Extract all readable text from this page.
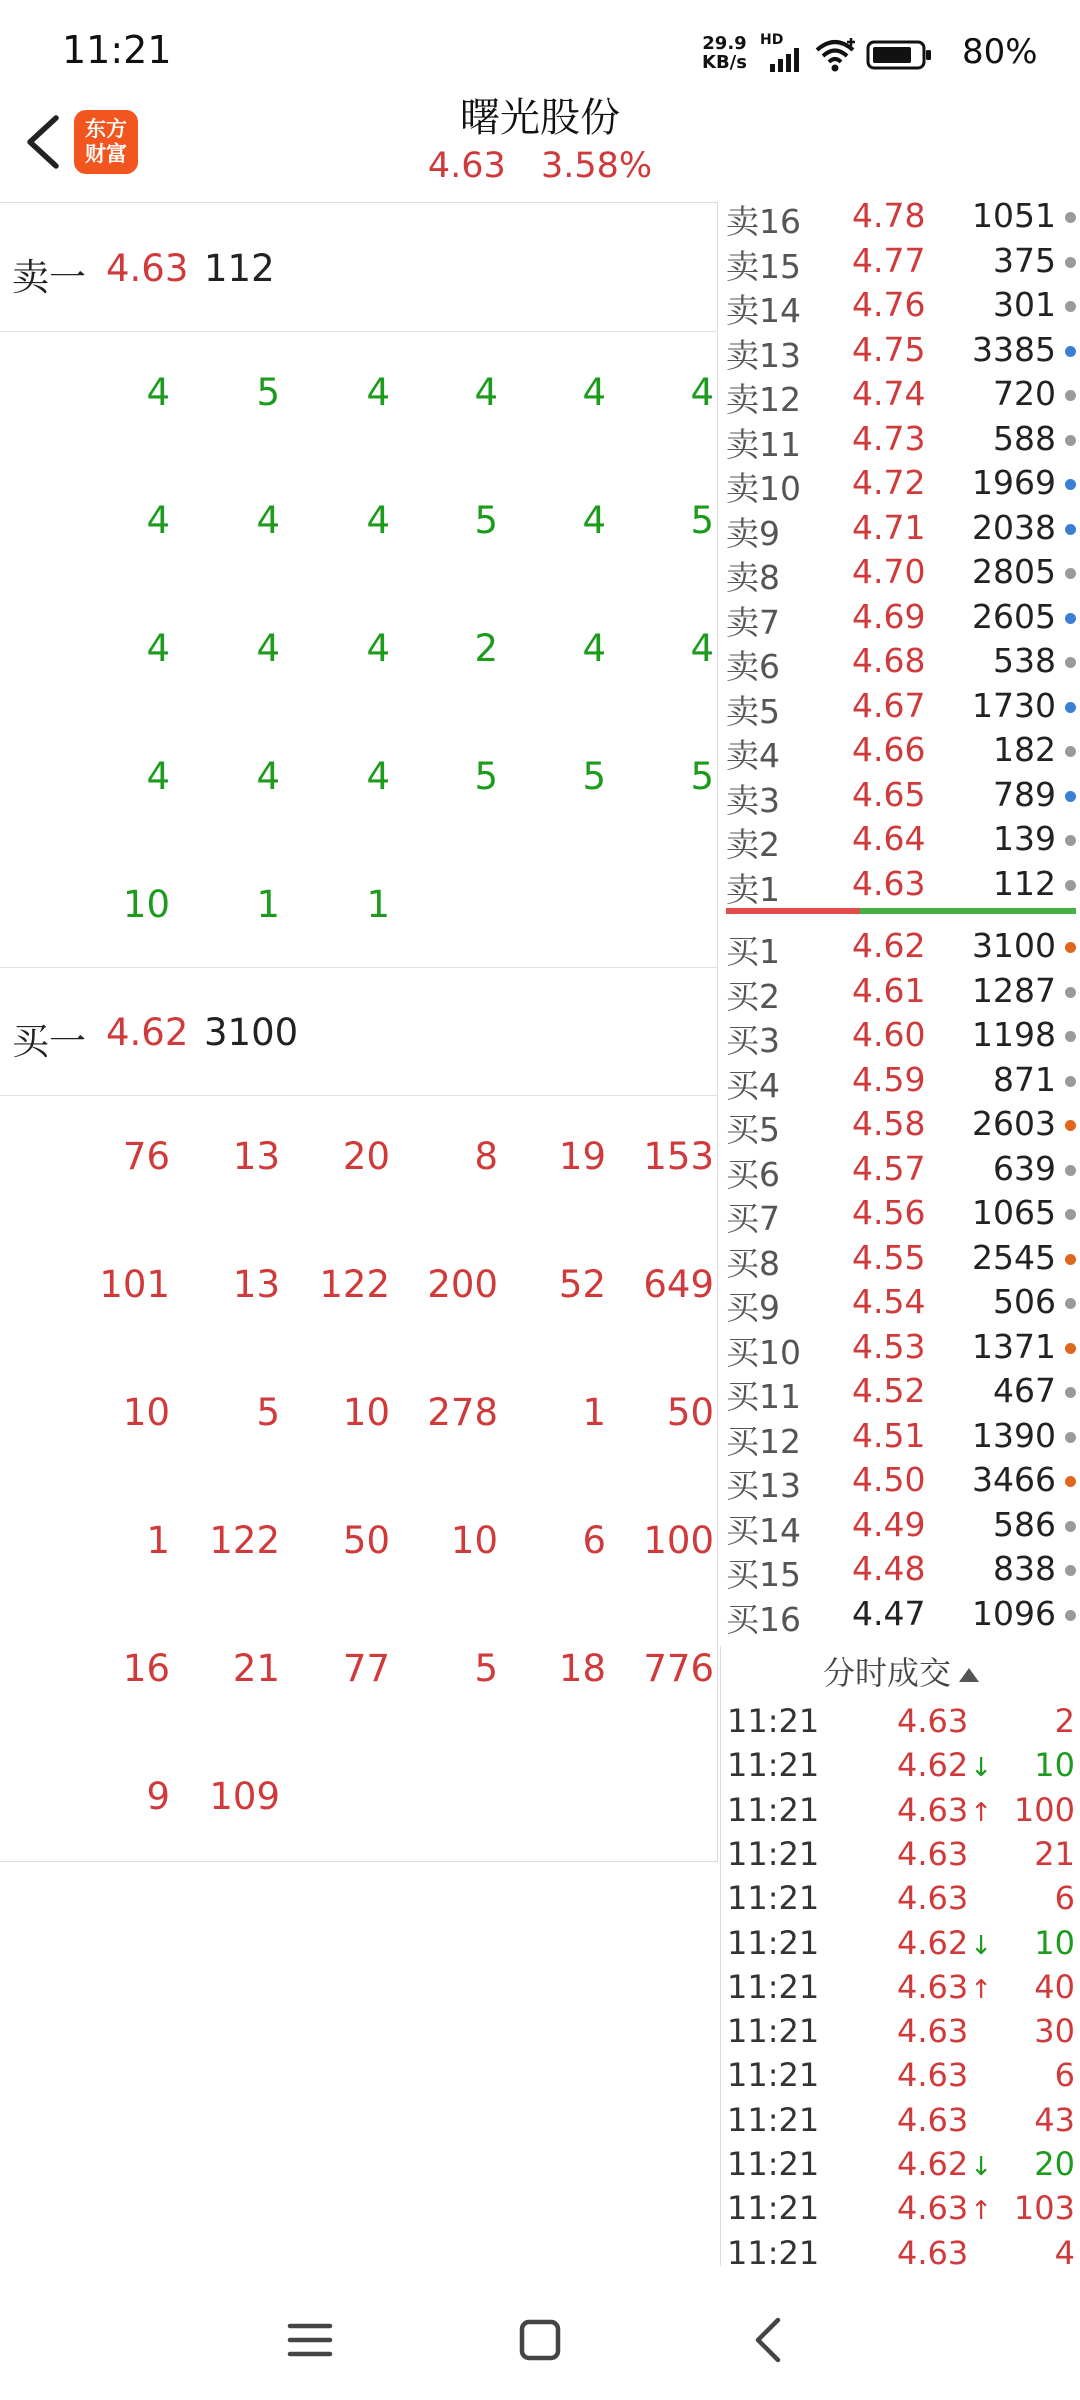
11:21	29.9
KB/s
HD	80%
东方
财富
曙光股份
4.63 3.58%
卖一 4.63 112
4	5	4	4	4	4
4	4	4	5	4	5
4	4	4	2	4	4
4	4	4	5	5	5
10	1	1
买一 4.62 3100
76	13	20	8	19	153
101	13	122	200	52	649
10	5	10	278	1	50
1	122	50	10	6	100
16	21	77	5	18	776
9	109
卖16 4.78 1051
卖15 4.77 375
卖14 4.76 301
卖13 4.75 3385
卖12 4.74 720
卖11 4.73 588
卖10 4.72 1969
卖9 4.71 2038
卖8 4.70 2805
卖7 4.69 2605
卖6 4.68 538
卖5 4.67 1730
卖4 4.66 182
卖3 4.65 789
卖2 4.64 139
卖1 4.63 112
买1 4.62 3100
买2 4.61 1287
买3 4.60 1198
买4 4.59 871
买5 4.58 2603
买6 4.57 639
买7 4.56 1065
买8 4.55 2545
买9 4.54 506
买10 4.53 1371
买11 4.52 467
买12 4.51 1390
买13 4.50 3466
买14 4.49 586
买15 4.48 838
买16 4.47 1096
分时成交
11:21 4.63	2
11:21 4.62↓ 10
11:21 4.63↑ 100
11:21 4.63 21
11:21 4.63	6
11:21 4.62↓ 10
11:21 4.63↑ 40
11:21 4.63 30
11:21 4.63	6
11:21 4.63 43
11:21 4.62↓ 20
11:21 4.63↑ 103
11:21 4.63	4
